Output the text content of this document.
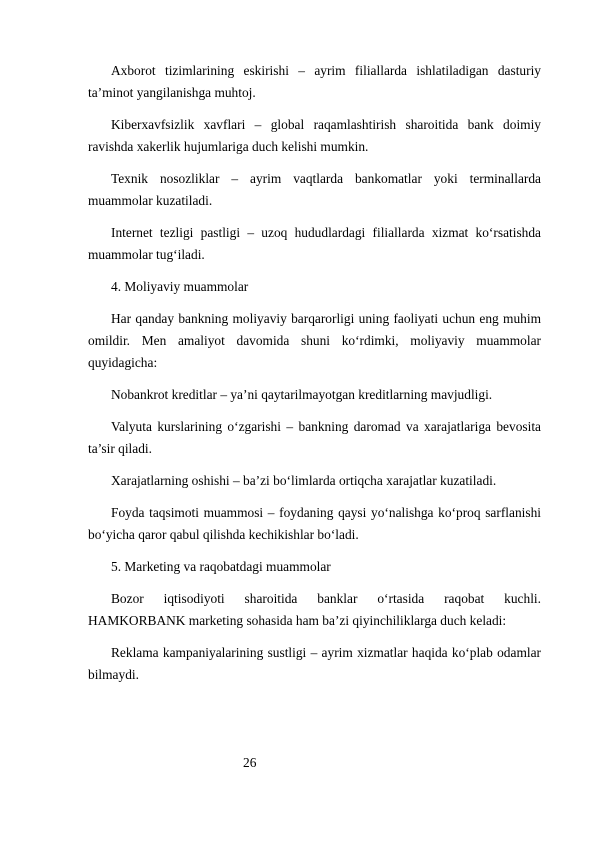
Axborot tizimlarining eskirishi – ayrim filiallarda ishlatiladigan dasturiy ta’minot yangilanishga muhtoj.

Kiberxavfsizlik xavflari – global raqamlashtirish sharoitida bank doimiy ravishda xakerlik hujumlariga duch kelishi mumkin.

Texnik nosozliklar – ayrim vaqtlarda bankomatlar yoki terminallarda muammolar kuzatiladi.

Internet tezligi pastligi – uzoq hududlardagi filiallarda xizmat ko‘rsatishda muammolar tug‘iladi.

4. Moliyaviy muammolar

Har qanday bankning moliyaviy barqarorligi uning faoliyati uchun eng muhim omildir. Men amaliyot davomida shuni ko‘rdimki, moliyaviy muammolar quyidagicha:

Nobankrot kreditlar – ya’ni qaytarilmayotgan kreditlarning mavjudligi.

Valyuta kurslarining o‘zgarishi – bankning daromad va xarajatlariga bevosita ta’sir qiladi.

Xarajatlarning oshishi – ba’zi bo‘limlarda ortiqcha xarajatlar kuzatiladi.

Foyda taqsimoti muammosi – foydaning qaysi yo‘nalishga ko‘proq sarflanishi bo‘yicha qaror qabul qilishda kechikishlar bo‘ladi.

5. Marketing va raqobatdagi muammolar

Bozor iqtisodiyoti sharoitida banklar o‘rtasida raqobat kuchli. HAMKORBANK marketing sohasida ham ba’zi qiyinchiliklarga duch keladi:

Reklama kampaniyalarining sustligi – ayrim xizmatlar haqida ko‘plab odamlar bilmaydi.

26
